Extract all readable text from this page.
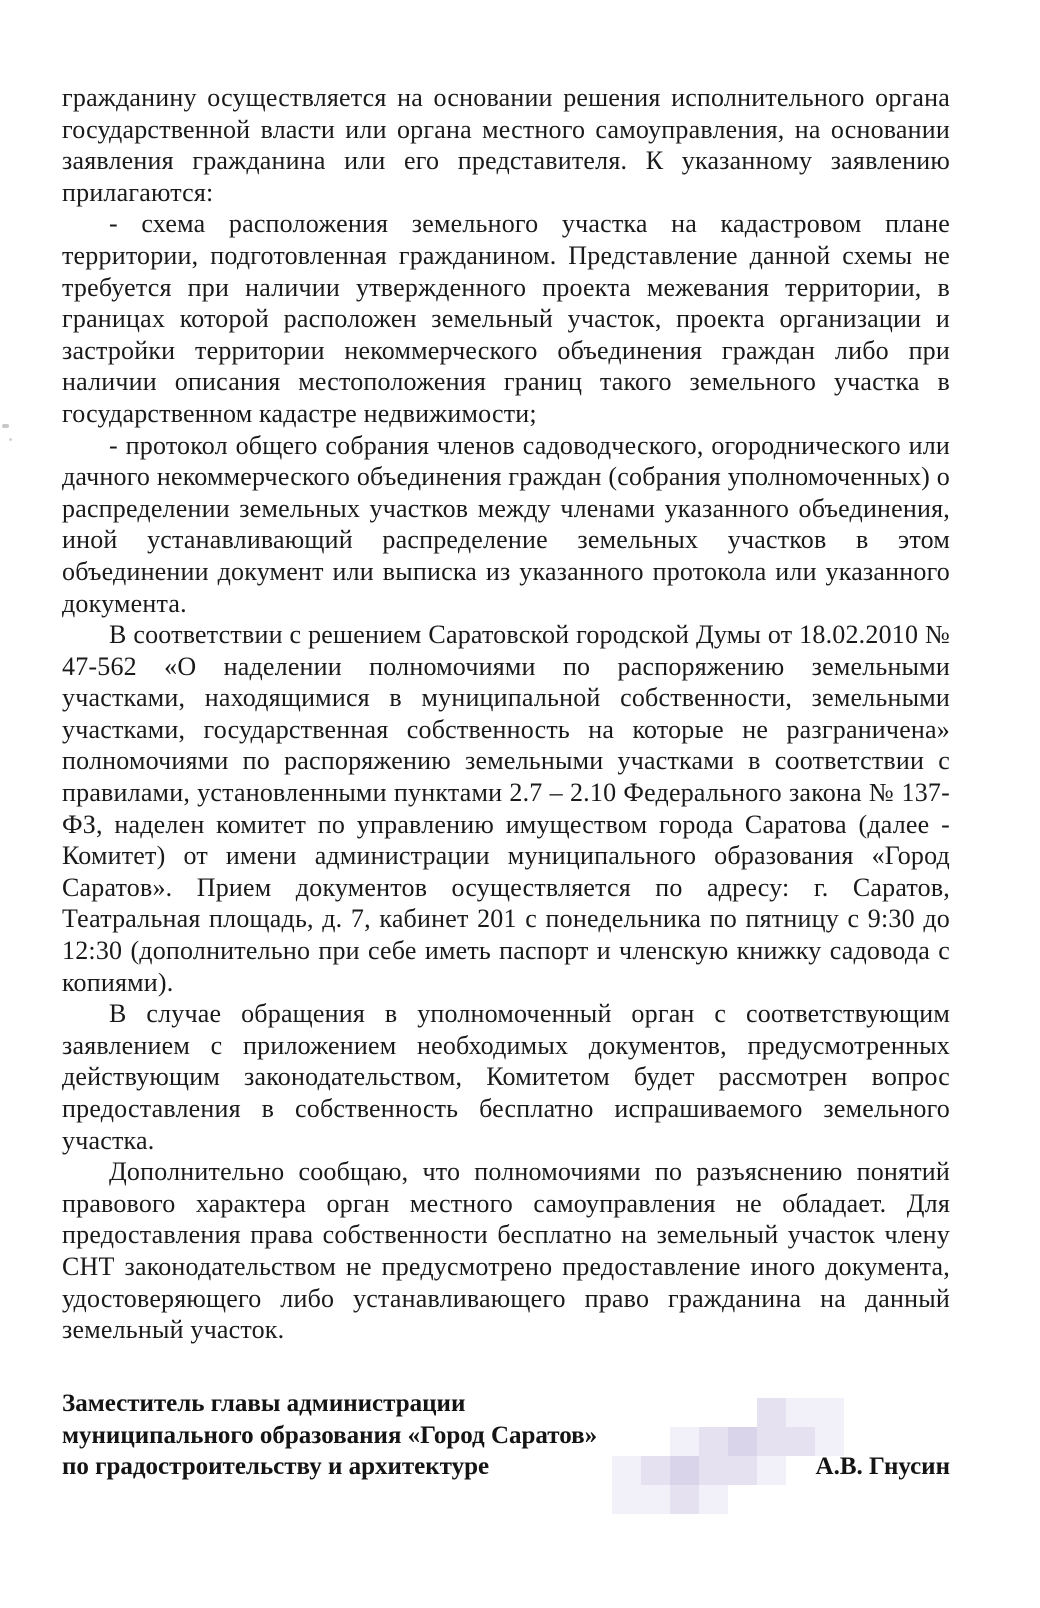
гражданину осуществляется на основании решения исполнительного органа государственной власти или органа местного самоуправления, на основании заявления гражданина или его представителя. К указанному заявлению прилагаются:

- схема расположения земельного участка на кадастровом плане территории, подготовленная гражданином. Представление данной схемы не требуется при наличии утвержденного проекта межевания территории, в границах которой расположен земельный участок, проекта организации и застройки территории некоммерческого объединения граждан либо при наличии описания местоположения границ такого земельного участка в государственном кадастре недвижимости;

- протокол общего собрания членов садоводческого, огороднического или дачного некоммерческого объединения граждан (собрания уполномоченных) о распределении земельных участков между членами указанного объединения, иной устанавливающий распределение земельных участков в этом объединении документ или выписка из указанного протокола или указанного документа.

В соответствии с решением Саратовской городской Думы от 18.02.2010 № 47-562 «О наделении полномочиями по распоряжению земельными участками, находящимися в муниципальной собственности, земельными участками, государственная собственность на которые не разграничена» полномочиями по распоряжению земельными участками в соответствии с правилами, установленными пунктами 2.7 – 2.10 Федерального закона № 137-ФЗ, наделен комитет по управлению имуществом города Саратова (далее - Комитет) от имени администрации муниципального образования «Город Саратов». Прием документов осуществляется по адресу: г. Саратов, Театральная площадь, д. 7, кабинет 201 с понедельника по пятницу с 9:30 до 12:30 (дополнительно при себе иметь паспорт и членскую книжку садовода с копиями).

В случае обращения в уполномоченный орган с соответствующим заявлением с приложением необходимых документов, предусмотренных действующим законодательством, Комитетом будет рассмотрен вопрос предоставления в собственность бесплатно испрашиваемого земельного участка.

Дополнительно сообщаю, что полномочиями по разъяснению понятий правового характера орган местного самоуправления не обладает. Для предоставления права собственности бесплатно на земельный участок члену СНТ законодательством не предусмотрено предоставление иного документа, удостоверяющего либо устанавливающего право гражданина на данный земельный участок.

Заместитель главы администрации
муниципального образования «Город Саратов»
по градостроительству и архитектуре	А.В. Гнусин
